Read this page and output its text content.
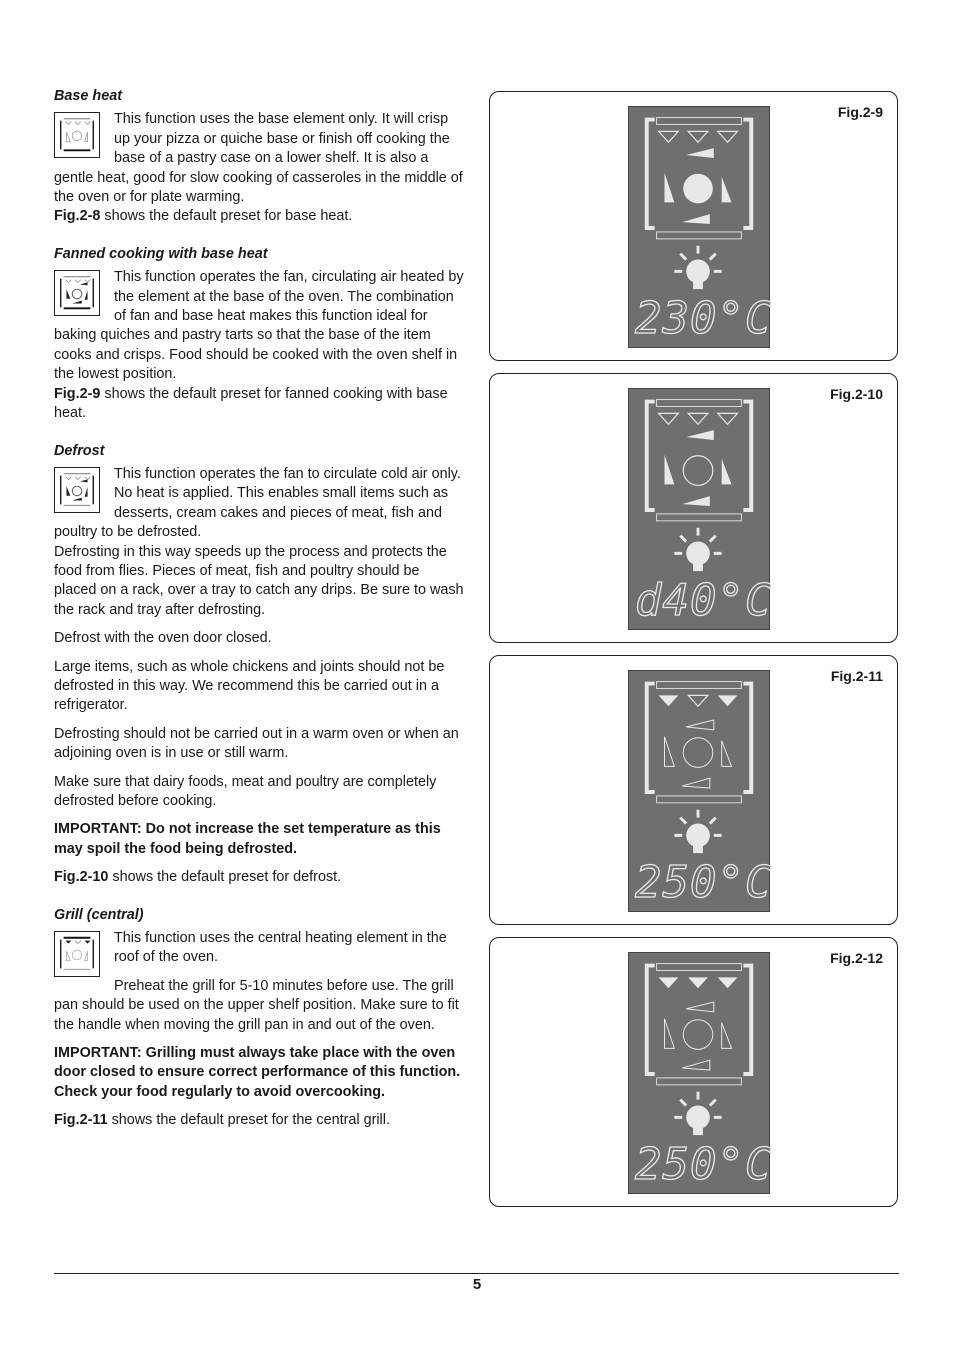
Base heat

This function uses the base element only. It will crisp up your pizza or quiche base or finish off cooking the base of a pastry case on a lower shelf. It is also a gentle heat, good for slow cooking of casseroles in the middle of the oven or for plate warming.

Fig.2-8 shows the default preset for base heat.

Fanned cooking with base heat

This function operates the fan, circulating air heated by the element at the base of the oven. The combination of fan and base heat makes this function ideal for baking quiches and pastry tarts so that the base of the item cooks and crisps. Food should be cooked with the oven shelf in the lowest position.

Fig.2-9 shows the default preset for fanned cooking with base heat.

Defrost

This function operates the fan to circulate cold air only. No heat is applied. This enables small items such as desserts, cream cakes and pieces of meat, fish and poultry to be defrosted.

Defrosting in this way speeds up the process and protects the food from flies. Pieces of meat, fish and poultry should be placed on a rack, over a tray to catch any drips. Be sure to wash the rack and tray after defrosting.

Defrost with the oven door closed.

Large items, such as whole chickens and joints should not be defrosted in this way. We recommend this be carried out in a refrigerator.

Defrosting should not be carried out in a warm oven or when an adjoining oven is in use or still warm.

Make sure that dairy foods, meat and poultry are completely defrosted before cooking.

IMPORTANT: Do not increase the set temperature as this may spoil the food being defrosted.

Fig.2-10 shows the default preset for defrost.

Grill (central)

This function uses the central heating element in the roof of the oven.

Preheat the grill for 5-10 minutes before use. The grill pan should be used on the upper shelf position. Make sure to fit the handle when moving the grill pan in and out of the oven.

IMPORTANT: Grilling must always take place with the oven door closed to ensure correct performance of this function. Check your food regularly to avoid overcooking.

Fig.2-11 shows the default preset for the central grill.

Fig.2-9
230°C
Fig.2-10
d40°C
Fig.2-11
250°C
Fig.2-12
250°C
5
